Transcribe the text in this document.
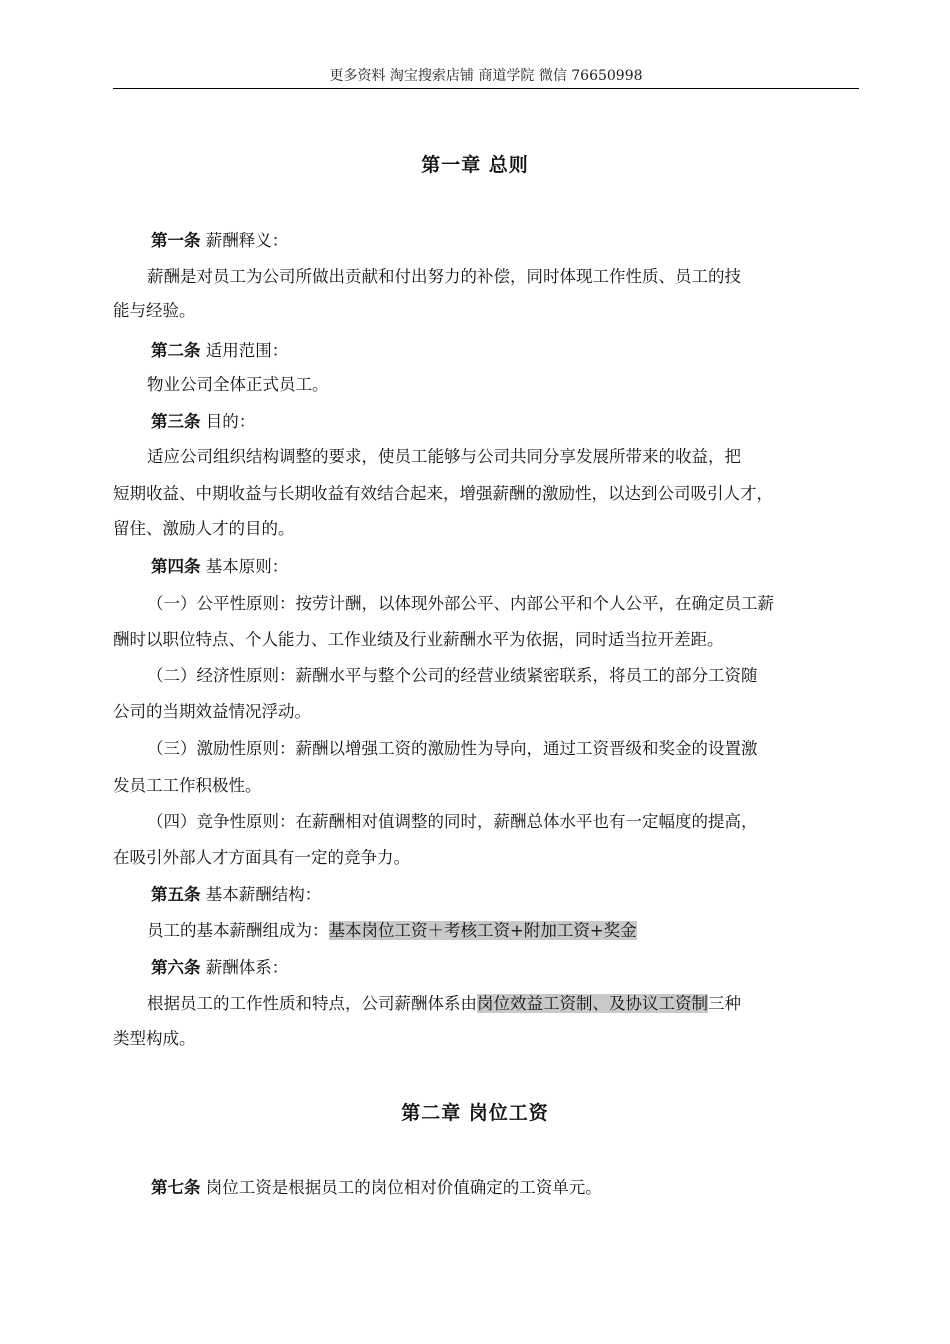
更多资料 淘宝搜索店铺 商道学院 微信 76650998
第一章 总则
第一条 薪酬释义：
薪酬是对员工为公司所做出贡献和付出努力的补偿，同时体现工作性质、员工的技
能与经验。
第二条 适用范围：
物业公司全体正式员工。
第三条 目的：
适应公司组织结构调整的要求，使员工能够与公司共同分享发展所带来的收益，把
短期收益、中期收益与长期收益有效结合起来，增强薪酬的激励性，以达到公司吸引人才，
留住、激励人才的目的。
第四条 基本原则：
（一）公平性原则：按劳计酬，以体现外部公平、内部公平和个人公平，在确定员工薪
酬时以职位特点、个人能力、工作业绩及行业薪酬水平为依据，同时适当拉开差距。
（二）经济性原则：薪酬水平与整个公司的经营业绩紧密联系，将员工的部分工资随
公司的当期效益情况浮动。
（三）激励性原则：薪酬以增强工资的激励性为导向，通过工资晋级和奖金的设置激
发员工工作积极性。
（四）竞争性原则：在薪酬相对值调整的同时，薪酬总体水平也有一定幅度的提高，
在吸引外部人才方面具有一定的竞争力。
第五条 基本薪酬结构：
员工的基本薪酬组成为：基本岗位工资＋考核工资+附加工资+奖金
第六条 薪酬体系：
根据员工的工作性质和特点，公司薪酬体系由岗位效益工资制、及协议工资制三种
类型构成。
第二章 岗位工资
第七条 岗位工资是根据员工的岗位相对价值确定的工资单元。
